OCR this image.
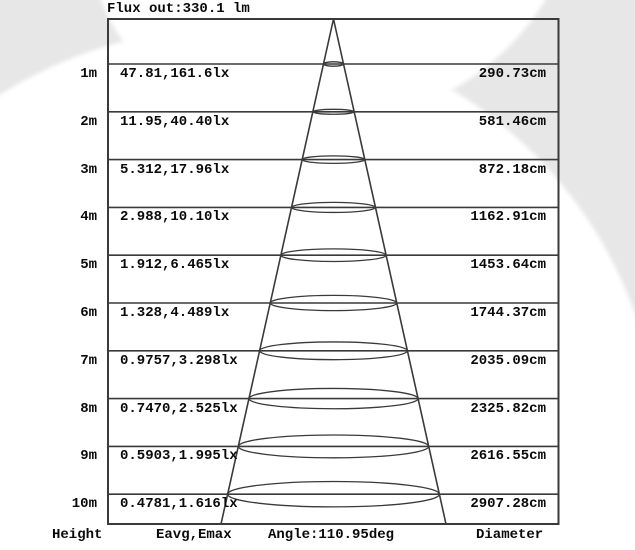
Flux out:330.1 lm
1m 47.81,161.6lx	290.73cm
2m 11.95,40.40lx	581.46cm
3m 5.312,17.96lx	872.18cm
4m 2.988,10.10lx	1162.91cm
5m 1.912,6.465lx	1453.64cm
6m 1.328,4.489lx	1744.37cm
7m 0.9757,3.298lx	2035.09cm
8m 0.7470,2.525lx	2325.82cm
9m 0.5903,1.995lx	2616.55cm
10m 0.4781,1.616lx	2907.28cm
Height	Eavg,Emax	Angle:110.95deg	Diameter
